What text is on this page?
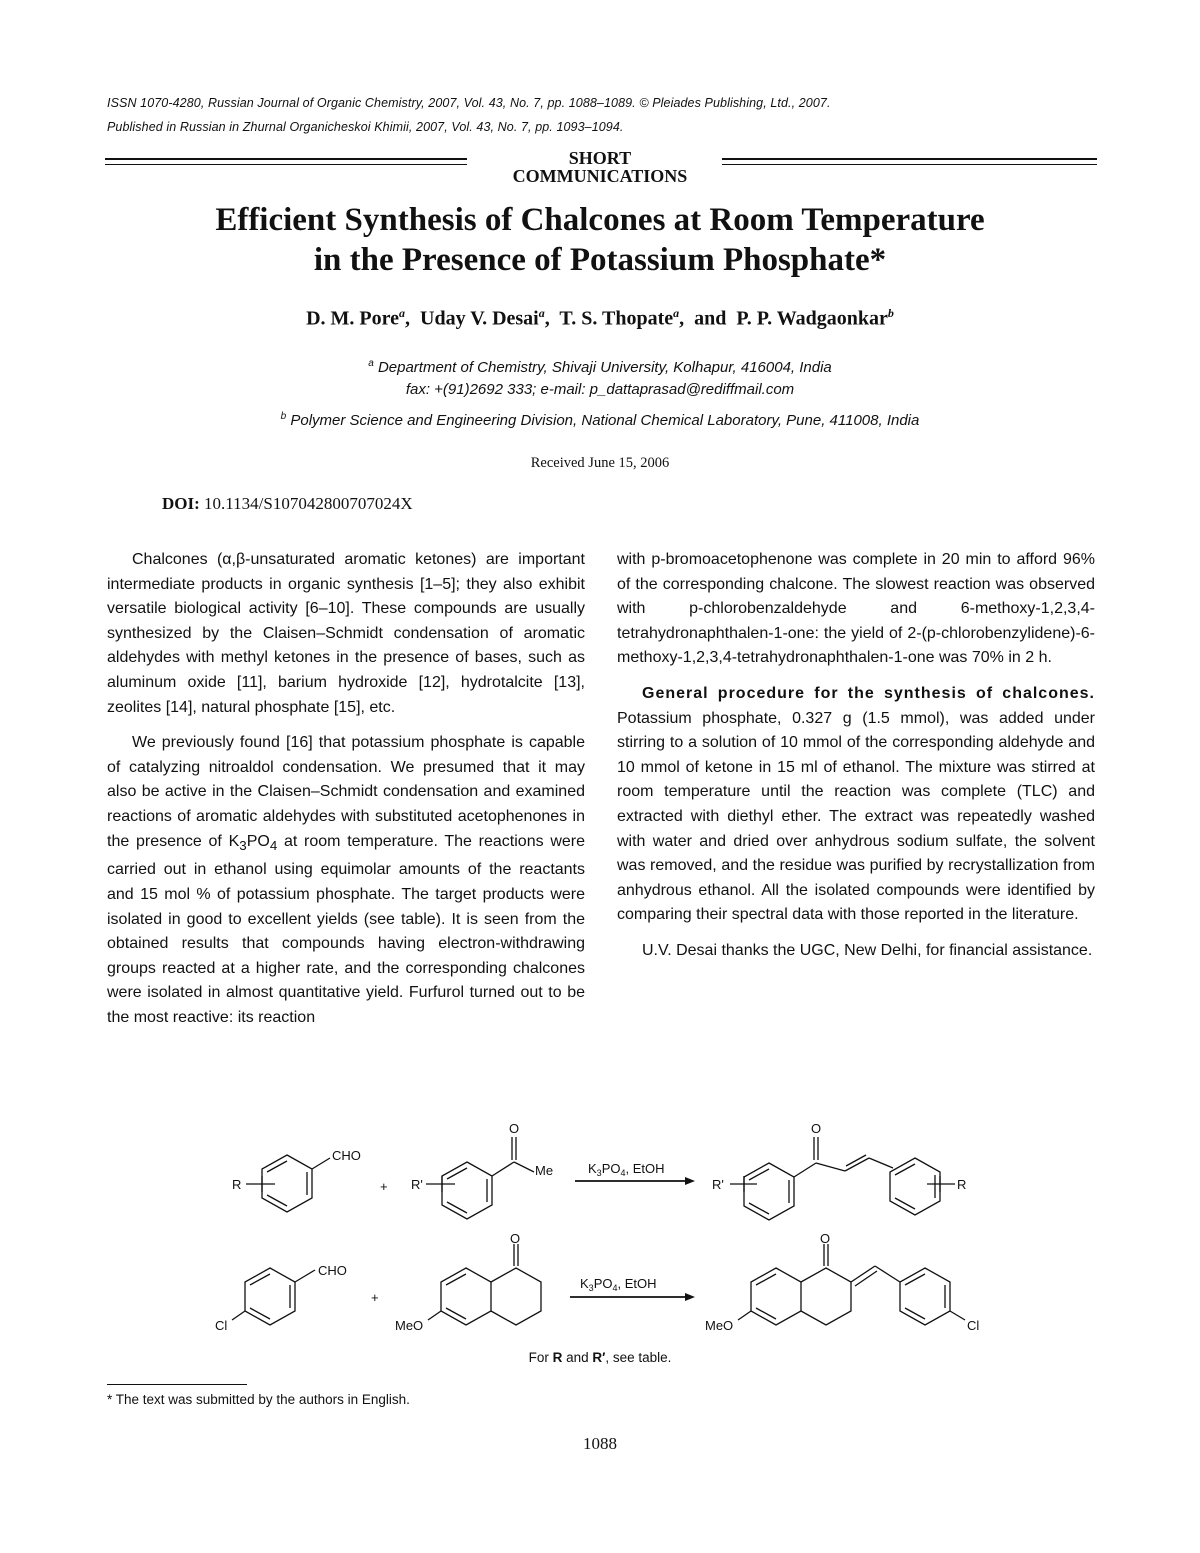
ISSN 1070-4280, Russian Journal of Organic Chemistry, 2007, Vol. 43, No. 7, pp. 1088–1089. © Pleiades Publishing, Ltd., 2007.
Published in Russian in Zhurnal Organicheskoi Khimii, 2007, Vol. 43, No. 7, pp. 1093–1094.
SHORT
COMMUNICATIONS
Efficient Synthesis of Chalcones at Room Temperature
in the Presence of Potassium Phosphate*
D. M. Pore$^a$, Uday V. Desai$^a$, T. S. Thopate$^a$, and P. P. Wadgaonkar$^b$
$^a$ Department of Chemistry, Shivaji University, Kolhapur, 416004, India
fax: +(91)2692 333; e-mail: p_dattaprasad@rediffmail.com
$^b$ Polymer Science and Engineering Division, National Chemical Laboratory, Pune, 411008, India
Received June 15, 2006
DOI: 10.1134/S107042800707024X

Chalcones (α,β-unsaturated aromatic ketones) are important intermediate products in organic synthesis [1–5]; they also exhibit versatile biological activity [6–10]. These compounds are usually synthesized by the Claisen–Schmidt condensation of aromatic aldehydes with methyl ketones in the presence of bases, such as aluminum oxide [11], barium hydroxide [12], hydrotalcite [13], zeolites [14], natural phosphate [15], etc.

We previously found [16] that potassium phosphate is capable of catalyzing nitroaldol condensation. We presumed that it may also be active in the Claisen–Schmidt condensation and examined reactions of aromatic aldehydes with substituted acetophenones in the presence of $K_3PO_4$ at room temperature. The reactions were carried out in ethanol using equimolar amounts of the reactants and 15 mol % of potassium phosphate. The target products were isolated in good to excellent yields (see table). It is seen from the obtained results that compounds having electron-withdrawing groups reacted at a higher rate, and the corresponding chalcones were isolated in almost quantitative yield. Furfurol turned out to be the most reactive: its reaction

with p-bromoacetophenone was complete in 20 min to afford 96% of the corresponding chalcone. The slowest reaction was observed with p-chlorobenzaldehyde and 6-methoxy-1,2,3,4-tetrahydronaphthalen-1-one: the yield of 2-(p-chlorobenzylidene)-6-methoxy-1,2,3,4-tetrahydronaphthalen-1-one was 70% in 2 h.

General procedure for the synthesis of chalcones. Potassium phosphate, 0.327 g (1.5 mmol), was added under stirring to a solution of 10 mmol of the corresponding aldehyde and 10 mmol of ketone in 15 ml of ethanol. The mixture was stirred at room temperature until the reaction was complete (TLC) and extracted with diethyl ether. The extract was repeatedly washed with water and dried over anhydrous sodium sulfate, the solvent was removed, and the residue was purified by recrystallization from anhydrous ethanol. All the isolated compounds were identified by comparing their spectral data with those reported in the literature.

U.V. Desai thanks the UGC, New Delhi, for financial assistance.

CHO
R	+ R'
O
Me	$K_3PO_4$, EtOH
R'
O
R
CHO
Cl
+
O
MeO
$K_3PO_4$, EtOH
O
MeO	Cl
For R and R′, see table.
* The text was submitted by the authors in English.
1088
